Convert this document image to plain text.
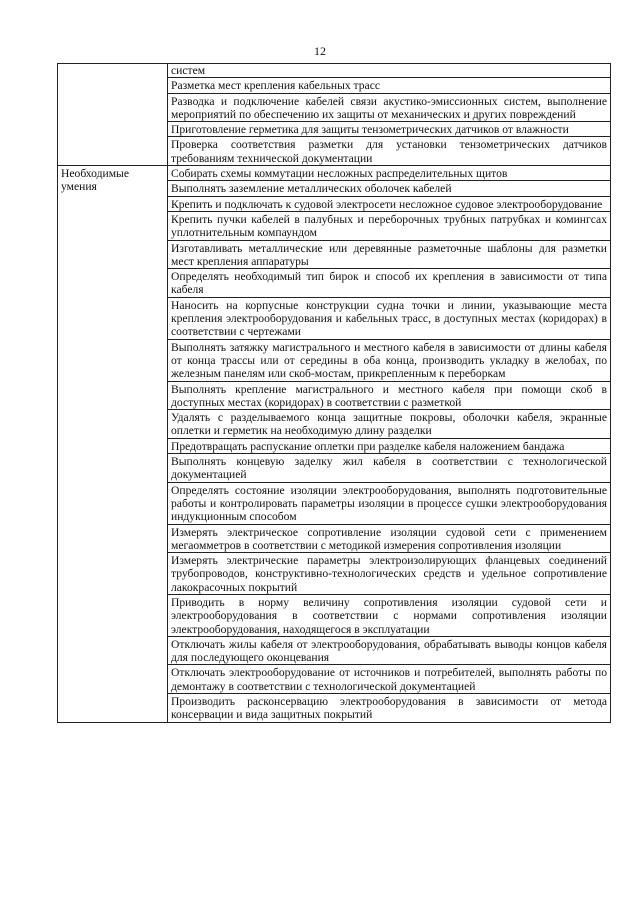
12
	систем
	Разметка мест крепления кабельных трасс
	Разводка и подключение кабелей связи акустико-эмиссионных систем, выполнение мероприятий по обеспечению их защиты от механических и других повреждений
	Приготовление герметика для защиты тензометрических датчиков от влажности
	Проверка соответствия разметки для установки тензометрических датчиков требованиям технической документации
Необходимые умения	Собирать схемы коммутации несложных распределительных щитов
	Выполнять заземление металлических оболочек кабелей
	Крепить и подключать к судовой электросети несложное судовое электрооборудование
	Крепить пучки кабелей в палубных и переборочных трубных патрубках и комингсах уплотнительным компаундом
	Изготавливать металлические или деревянные разметочные шаблоны для разметки мест крепления аппаратуры
	Определять необходимый тип бирок и способ их крепления в зависимости от типа кабеля
	Наносить на корпусные конструкции судна точки и линии, указывающие места крепления электрооборудования и кабельных трасс, в доступных местах (коридорах) в соответствии с чертежами
	Выполнять затяжку магистрального и местного кабеля в зависимости от длины кабеля от конца трассы или от середины в оба конца, производить укладку в желобах, по железным панелям или скоб-мостам, прикрепленным к переборкам
	Выполнять крепление магистрального и местного кабеля при помощи скоб в доступных местах (коридорах) в соответствии с разметкой
	Удалять с разделываемого конца защитные покровы, оболочки кабеля, экранные оплетки и герметик на необходимую длину разделки
	Предотвращать распускание оплетки при разделке кабеля наложением бандажа
	Выполнять концевую заделку жил кабеля в соответствии с технологической документацией
	Определять состояние изоляции электрооборудования, выполнять подготовительные работы и контролировать параметры изоляции в процессе сушки электрооборудования индукционным способом
	Измерять электрическое сопротивление изоляции судовой сети с применением мегаомметров в соответствии с методикой измерения сопротивления изоляции
	Измерять электрические параметры электроизолирующих фланцевых соединений трубопроводов, конструктивно-технологических средств и удельное сопротивление лакокрасочных покрытий
	Приводить в норму величину сопротивления изоляции судовой сети и электрооборудования в соответствии с нормами сопротивления изоляции электрооборудования, находящегося в эксплуатации
	Отключать жилы кабеля от электрооборудования, обрабатывать выводы концов кабеля для последующего оконцевания
	Отключать электрооборудование от источников и потребителей, выполнять работы по демонтажу в соответствии с технологической документацией
	Производить расконсервацию электрооборудования в зависимости от метода консервации и вида защитных покрытий
